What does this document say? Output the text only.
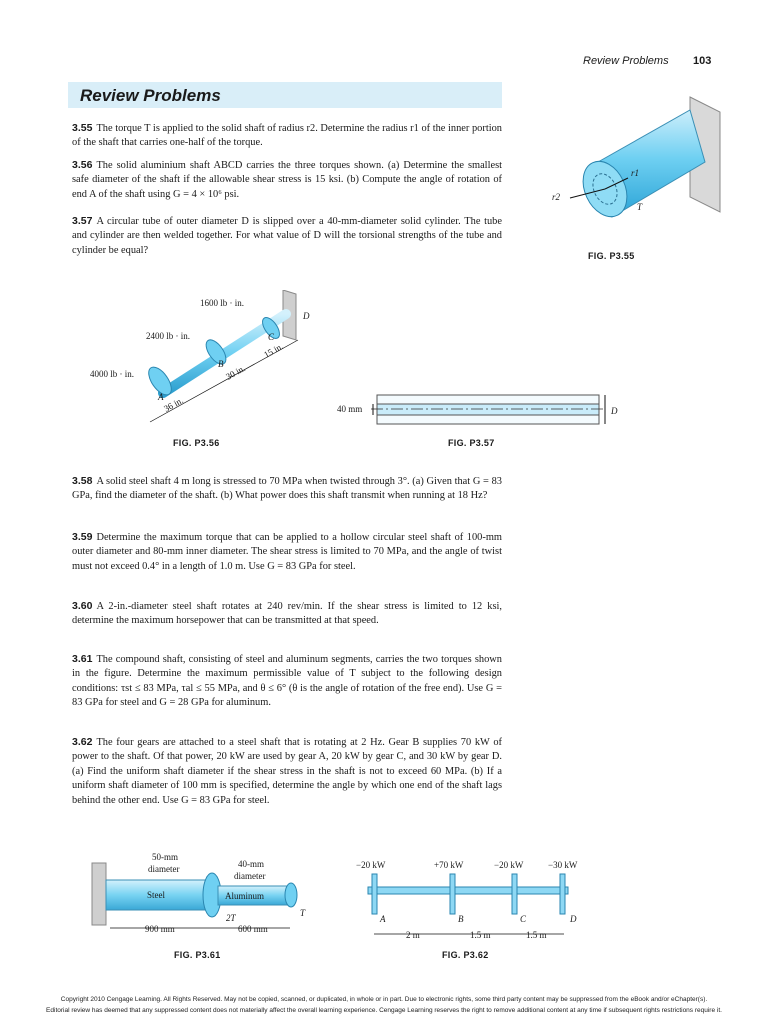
Review Problems 103
Review Problems

3.55 The torque T is applied to the solid shaft of radius r2. Determine the radius r1 of the inner portion of the shaft that carries one-half of the torque.

3.56 The solid aluminium shaft ABCD carries the three torques shown. (a) Determine the smallest safe diameter of the shaft if the allowable shear stress is 15 ksi. (b) Compute the angle of rotation of end A of the shaft using G = 4 × 10⁶ psi.

3.57 A circular tube of outer diameter D is slipped over a 40-mm-diameter solid cylinder. The tube and cylinder are then welded together. For what value of D will the torsional strengths of the tube and cylinder be equal?

r2
r1
T
FIG. P3.55
1600 lb · in.
2400 lb · in.
4000 lb · in.
A
B
C
D
36 in.
30 in.
15 in.
FIG. P3.56
40 mm	D
FIG. P3.57

3.58 A solid steel shaft 4 m long is stressed to 70 MPa when twisted through 3°. (a) Given that G = 83 GPa, find the diameter of the shaft. (b) What power does this shaft transmit when running at 18 Hz?

3.59 Determine the maximum torque that can be applied to a hollow circular steel shaft of 100-mm outer diameter and 80-mm inner diameter. The shear stress is limited to 70 MPa, and the angle of twist must not exceed 0.4° in a length of 1.0 m. Use G = 83 GPa for steel.

3.60 A 2-in.-diameter steel shaft rotates at 240 rev/min. If the shear stress is limited to 12 ksi, determine the maximum horsepower that can be transmitted at that speed.

3.61 The compound shaft, consisting of steel and aluminum segments, carries the two torques shown in the figure. Determine the maximum permissible value of T subject to the following design conditions: τst ≤ 83 MPa, τal ≤ 55 MPa, and θ ≤ 6° (θ is the angle of rotation of the free end). Use G = 83 GPa for steel and G = 28 GPa for aluminum.

3.62 The four gears are attached to a steel shaft that is rotating at 2 Hz. Gear B supplies 70 kW of power to the shaft. Of that power, 20 kW are used by gear A, 20 kW by gear C, and 30 kW by gear D. (a) Find the uniform shaft diameter if the shear stress in the shaft is not to exceed 60 MPa. (b) If a uniform shaft diameter of 100 mm is specified, determine the angle by which one end of the shaft lags behind the other end. Use G = 83 GPa for steel.

50-mm
diameter	40-mm
diameter
Steel	Aluminum
2T	T
900 mm	600 mm
FIG. P3.61
−20 kW	+70 kW	−20 kW	−30 kW
A	B	C	D
2 m	1.5 m	1.5 m
FIG. P3.62
Copyright 2010 Cengage Learning. All Rights Reserved. May not be copied, scanned, or duplicated, in whole or in part. Due to electronic rights, some third party content may be suppressed from the eBook and/or eChapter(s).
Editorial review has deemed that any suppressed content does not materially affect the overall learning experience. Cengage Learning reserves the right to remove additional content at any time if subsequent rights restrictions require it.
